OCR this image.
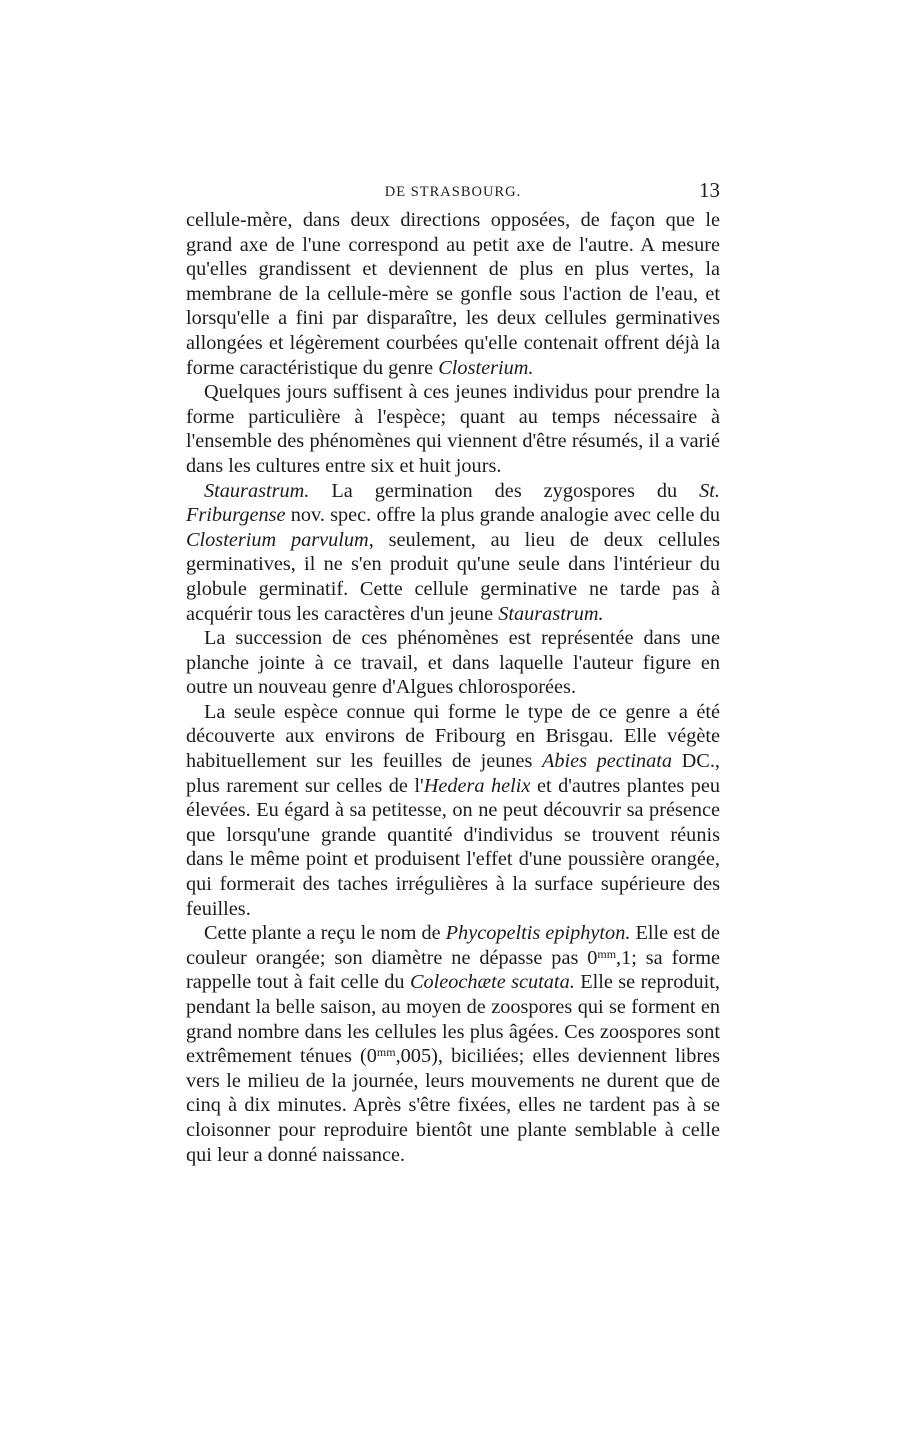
DE STRASBOURG.	13

cellule-mère, dans deux directions opposées, de façon que le grand axe de l'une correspond au petit axe de l'autre. A mesure qu'elles grandissent et deviennent de plus en plus vertes, la membrane de la cellule-mère se gonfle sous l'action de l'eau, et lorsqu'elle a fini par disparaître, les deux cellules germinatives allongées et légèrement courbées qu'elle contenait offrent déjà la forme caractéristique du genre Closterium.

Quelques jours suffisent à ces jeunes individus pour prendre la forme particulière à l'espèce; quant au temps nécessaire à l'ensemble des phénomènes qui viennent d'être résumés, il a varié dans les cultures entre six et huit jours.

Staurastrum. La germination des zygospores du St. Friburgense nov. spec. offre la plus grande analogie avec celle du Closterium parvulum, seulement, au lieu de deux cellules germinatives, il ne s'en produit qu'une seule dans l'intérieur du globule germinatif. Cette cellule germinative ne tarde pas à acquérir tous les caractères d'un jeune Staurastrum.

La succession de ces phénomènes est représentée dans une planche jointe à ce travail, et dans laquelle l'auteur figure en outre un nouveau genre d'Algues chlorosporées.

La seule espèce connue qui forme le type de ce genre a été découverte aux environs de Fribourg en Brisgau. Elle végète habituellement sur les feuilles de jeunes Abies pectinata DC., plus rarement sur celles de l'Hedera helix et d'autres plantes peu élevées. Eu égard à sa petitesse, on ne peut découvrir sa présence que lorsqu'une grande quantité d'individus se trouvent réunis dans le même point et produisent l'effet d'une poussière orangée, qui formerait des taches irrégulières à la surface supérieure des feuilles.

Cette plante a reçu le nom de Phycopeltis epiphyton. Elle est de couleur orangée; son diamètre ne dépasse pas $0^{mm},1$; sa forme rappelle tout à fait celle du Coleochæte scutata. Elle se reproduit, pendant la belle saison, au moyen de zoospores qui se forment en grand nombre dans les cellules les plus âgées. Ces zoospores sont extrêmement ténues $(0^{mm},005)$, biciliées; elles deviennent libres vers le milieu de la journée, leurs mouvements ne durent que de cinq à dix minutes. Après s'être fixées, elles ne tardent pas à se cloisonner pour reproduire bientôt une plante semblable à celle qui leur a donné naissance.
